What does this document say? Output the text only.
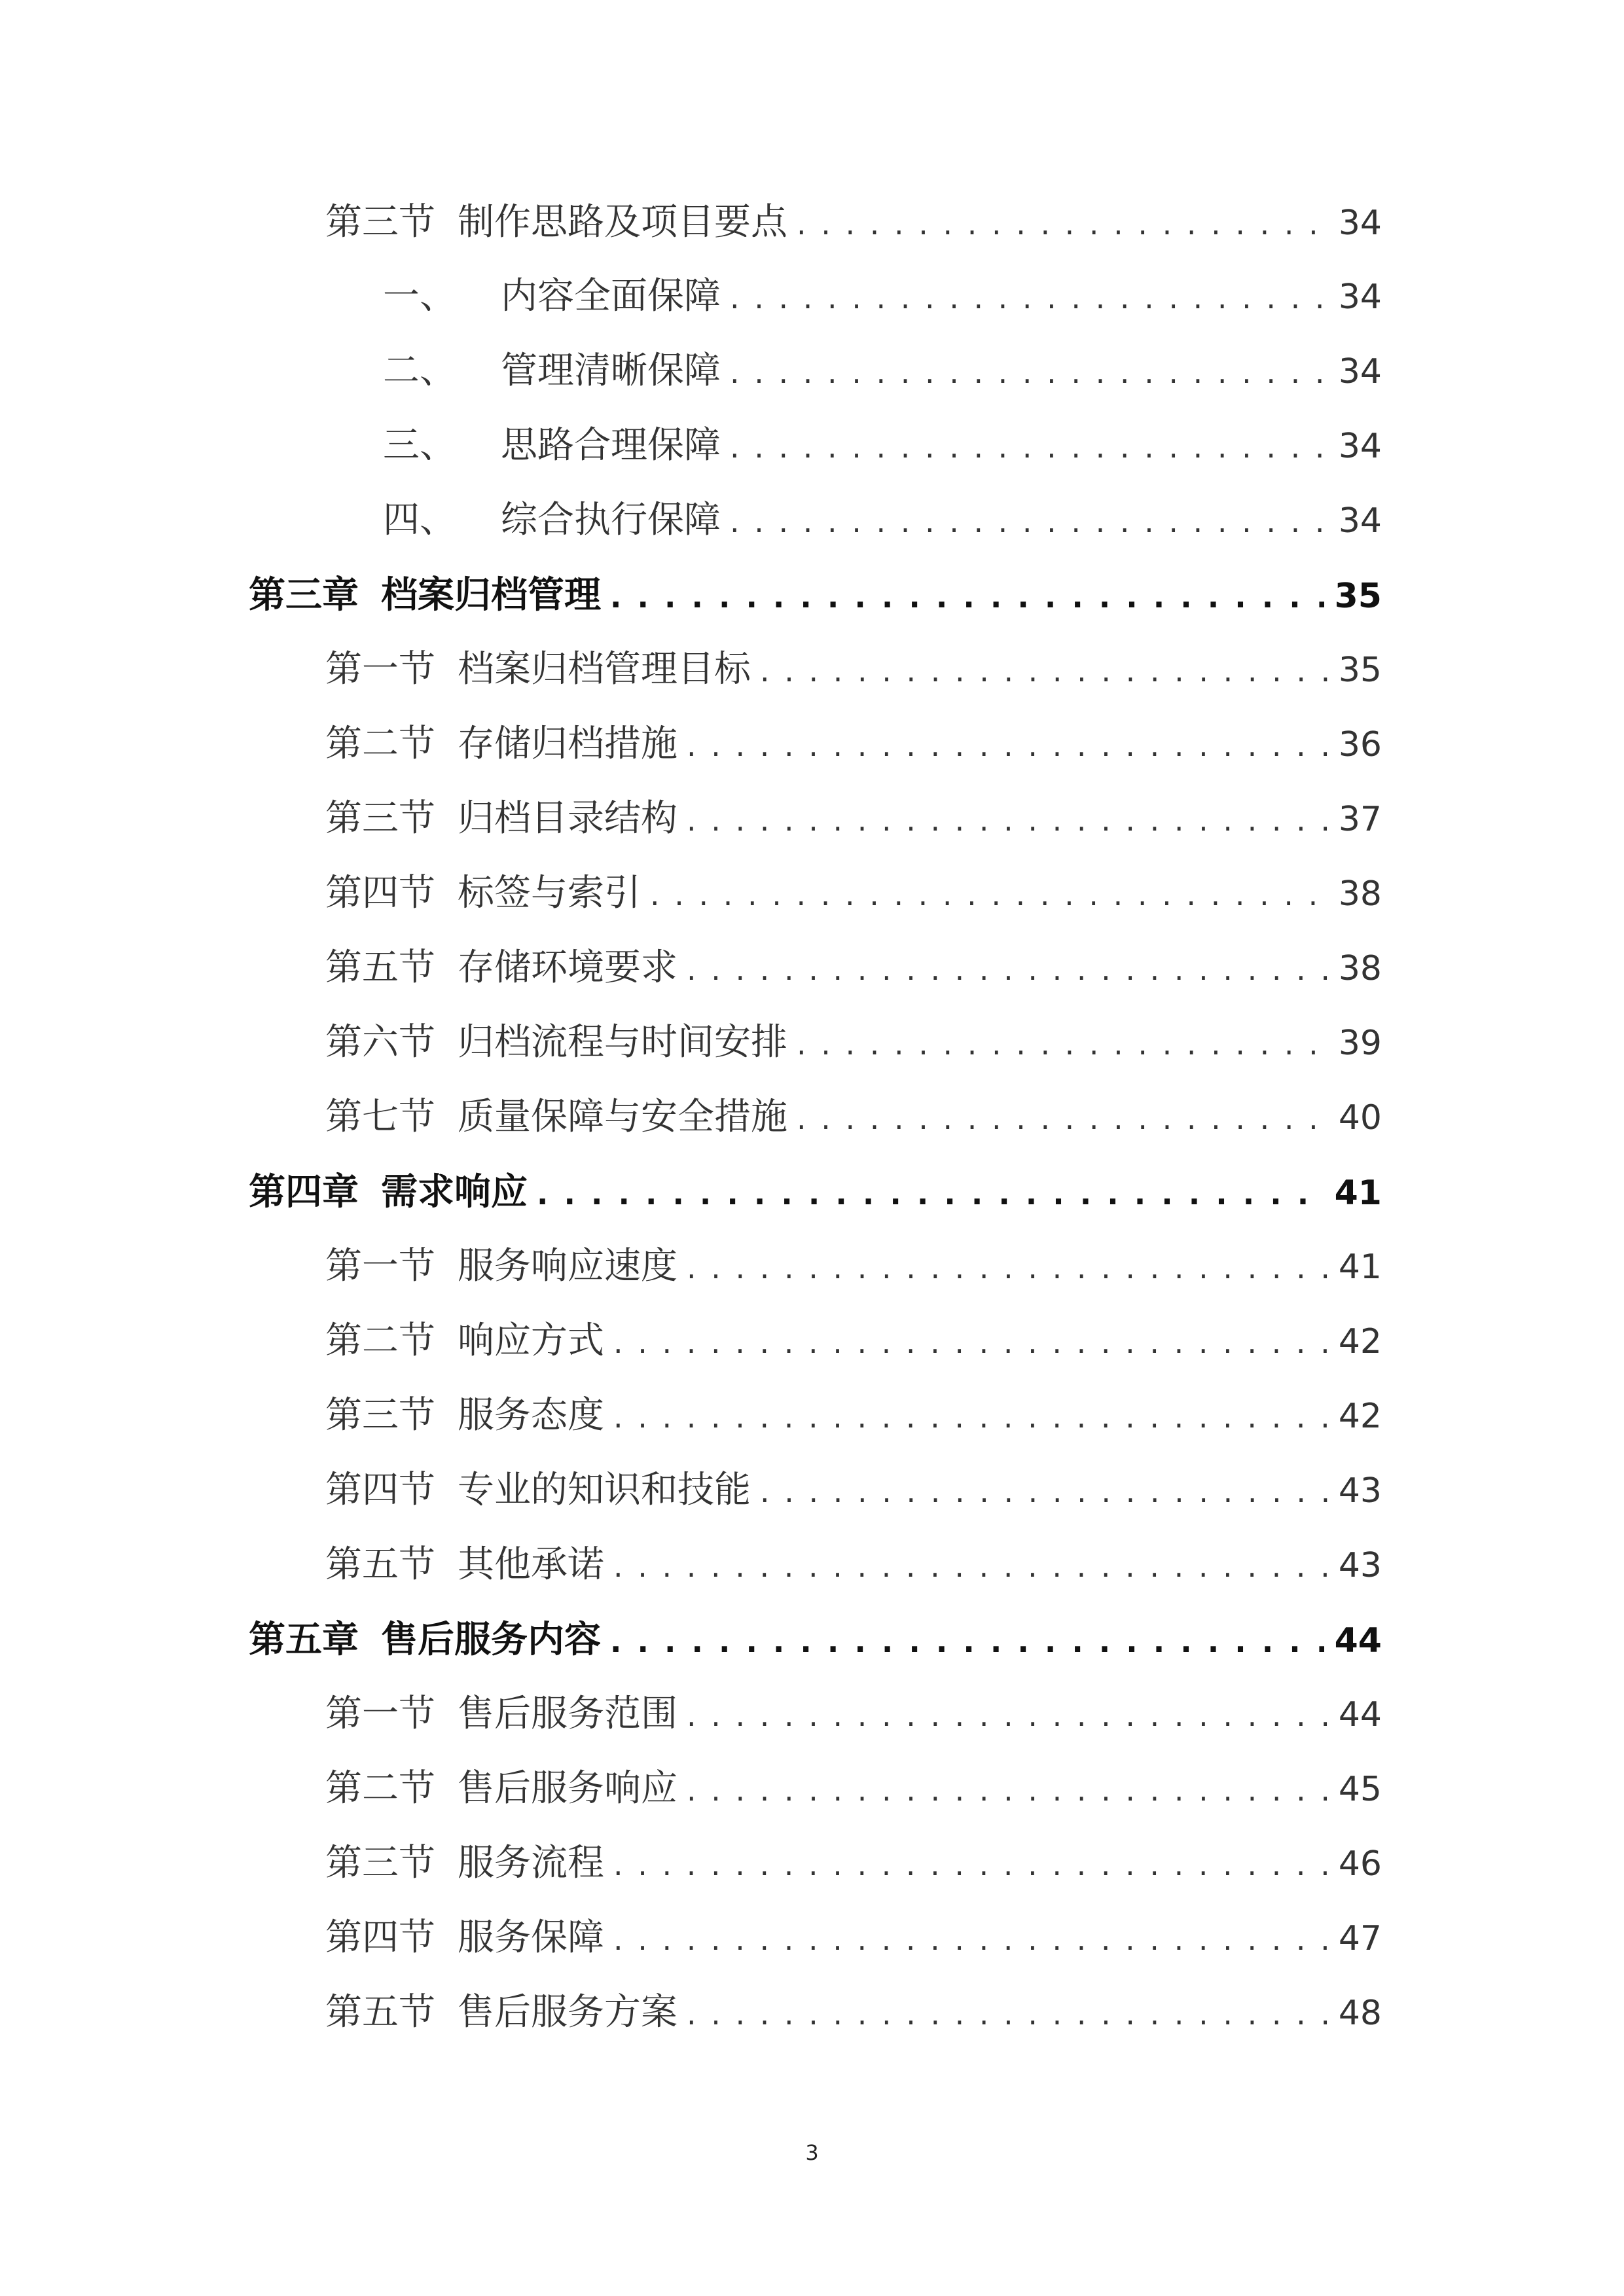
第三节 制作思路及项目要点 . . .	34
一、 内容全面保障 . . .	34
二、 管理清晰保障 . . .	34
三、 思路合理保障 . . .	34
四、 综合执行保障 . . .	34
第三章 档案归档管理 . . .	35
第一节 档案归档管理目标 . . .	35
第二节 存储归档措施 . . .	36
第三节 归档目录结构 . . .	37
第四节 标签与索引 . . .	38
第五节 存储环境要求 . . .	38
第六节 归档流程与时间安排 . . .	39
第七节 质量保障与安全措施 . . .	40
第四章 需求响应 . . .	41
第一节 服务响应速度 . . .	41
第二节 响应方式 . . .	42
第三节 服务态度 . . .	42
第四节 专业的知识和技能 . . .	43
第五节 其他承诺 . . .	43
第五章 售后服务内容 . . .	44
第一节 售后服务范围 . . .	44
第二节 售后服务响应 . . .	45
第三节 服务流程 . . .	46
第四节 服务保障 . . .	47
第五节 售后服务方案 . . .	48
3
